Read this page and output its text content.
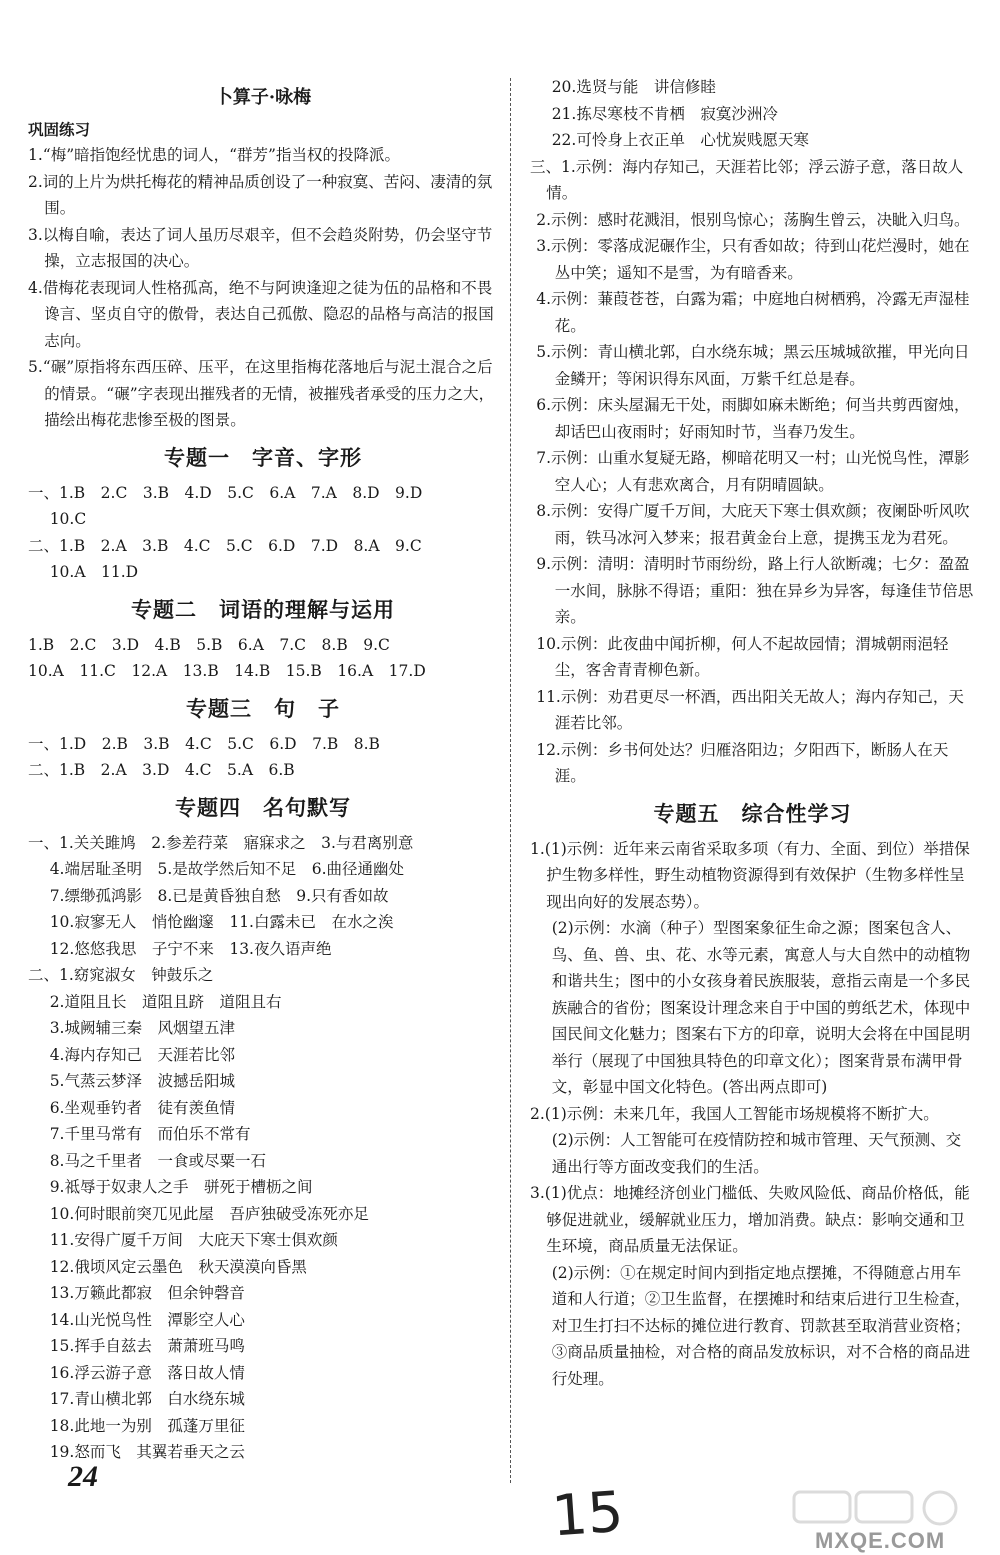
卜算子·咏梅
巩固练习
1.“梅”暗指饱经忧患的词人，“群芳”指当权的投降派。
2.词的上片为烘托梅花的精神品质创设了一种寂寞、苦闷、凄清的氛围。
3.以梅自喻，表达了词人虽历尽艰辛，但不会趋炎附势，仍会坚守节操，立志报国的决心。
4.借梅花表现词人性格孤高，绝不与阿谀逢迎之徒为伍的品格和不畏谗言、坚贞自守的傲骨，表达自己孤傲、隐忍的品格与高洁的报国志向。
5.“碾”原指将东西压碎、压平，在这里指梅花落地后与泥土混合之后的情景。“碾”字表现出摧残者的无情，被摧残者承受的压力之大，描绘出梅花悲惨至极的图景。
专题一　字音、字形
一、1.B　2.C　3.B　4.D　5.C　6.A　7.A　8.D　9.D
10.C
二、1.B　2.A　3.B　4.C　5.C　6.D　7.D　8.A　9.C
10.A　11.D
专题二　词语的理解与运用
1.B　2.C　3.D　4.B　5.B　6.A　7.C　8.B　9.C
10.A　11.C　12.A　13.B　14.B　15.B　16.A　17.D
专题三　句　子
一、1.D　2.B　3.B　4.C　5.C　6.D　7.B　8.B
二、1.B　2.A　3.D　4.C　5.A　6.B
专题四　名句默写
一、1.关关雎鸠　2.参差荇菜　寤寐求之　3.与君离别意
4.端居耻圣明　5.是故学然后知不足　6.曲径通幽处
7.缥缈孤鸿影　8.已是黄昏独自愁　9.只有香如故
10.寂寥无人　悄怆幽邃　11.白露未已　在水之涘
12.悠悠我思　子宁不来　13.夜久语声绝
二、1.窈窕淑女　钟鼓乐之
2.道阻且长　道阻且跻　道阻且右
3.城阙辅三秦　风烟望五津
4.海内存知己　天涯若比邻
5.气蒸云梦泽　波撼岳阳城
6.坐观垂钓者　徒有羡鱼情
7.千里马常有　而伯乐不常有
8.马之千里者　一食或尽粟一石
9.祗辱于奴隶人之手　骈死于槽枥之间
10.何时眼前突兀见此屋　吾庐独破受冻死亦足
11.安得广厦千万间　大庇天下寒士俱欢颜
12.俄顷风定云墨色　秋天漠漠向昏黑
13.万籁此都寂　但余钟磬音
14.山光悦鸟性　潭影空人心
15.挥手自兹去　萧萧班马鸣
16.浮云游子意　落日故人情
17.青山横北郭　白水绕东城
18.此地一为别　孤蓬万里征
19.怒而飞　其翼若垂天之云
20.选贤与能　讲信修睦
21.拣尽寒枝不肯栖　寂寞沙洲冷
22.可怜身上衣正单　心忧炭贱愿天寒
三、1.示例：海内存知己，天涯若比邻；浮云游子意，落日故人情。
2.示例：感时花溅泪，恨别鸟惊心；荡胸生曾云，决眦入归鸟。
3.示例：零落成泥碾作尘，只有香如故；待到山花烂漫时，她在丛中笑；遥知不是雪，为有暗香来。
4.示例：蒹葭苍苍，白露为霜；中庭地白树栖鸦，冷露无声湿桂花。
5.示例：青山横北郭，白水绕东城；黑云压城城欲摧，甲光向日金鳞开；等闲识得东风面，万紫千红总是春。
6.示例：床头屋漏无干处，雨脚如麻未断绝；何当共剪西窗烛，却话巴山夜雨时；好雨知时节，当春乃发生。
7.示例：山重水复疑无路，柳暗花明又一村；山光悦鸟性，潭影空人心；人有悲欢离合，月有阴晴圆缺。
8.示例：安得广厦千万间，大庇天下寒士俱欢颜；夜阑卧听风吹雨，铁马冰河入梦来；报君黄金台上意，提携玉龙为君死。
9.示例：清明：清明时节雨纷纷，路上行人欲断魂；七夕：盈盈一水间，脉脉不得语；重阳：独在异乡为异客，每逢佳节倍思亲。
10.示例：此夜曲中闻折柳，何人不起故园情；渭城朝雨浥轻尘，客舍青青柳色新。
11.示例：劝君更尽一杯酒，西出阳关无故人；海内存知己，天涯若比邻。
12.示例：乡书何处达？归雁洛阳边；夕阳西下，断肠人在天涯。
专题五　综合性学习
1.(1)示例：近年来云南省采取多项（有力、全面、到位）举措保护生物多样性，野生动植物资源得到有效保护（生物多样性呈现出向好的发展态势）。
(2)示例：水滴（种子）型图案象征生命之源；图案包含人、鸟、鱼、兽、虫、花、水等元素，寓意人与大自然中的动植物和谐共生；图中的小女孩身着民族服装，意指云南是一个多民族融合的省份；图案设计理念来自于中国的剪纸艺术，体现中国民间文化魅力；图案右下方的印章，说明大会将在中国昆明举行（展现了中国独具特色的印章文化）；图案背景布满甲骨文，彰显中国文化特色。(答出两点即可)
2.(1)示例：未来几年，我国人工智能市场规模将不断扩大。
(2)示例：人工智能可在疫情防控和城市管理、天气预测、交通出行等方面改变我们的生活。
3.(1)优点：地摊经济创业门槛低、失败风险低、商品价格低，能够促进就业，缓解就业压力，增加消费。缺点：影响交通和卫生环境，商品质量无法保证。
(2)示例：①在规定时间内到指定地点摆摊，不得随意占用车道和人行道；②卫生监督，在摆摊时和结束后进行卫生检查，对卫生打扫不达标的摊位进行教育、罚款甚至取消营业资格；③商品质量抽检，对合格的商品发放标识，对不合格的商品进行处理。
24
15	MXQE.COM
